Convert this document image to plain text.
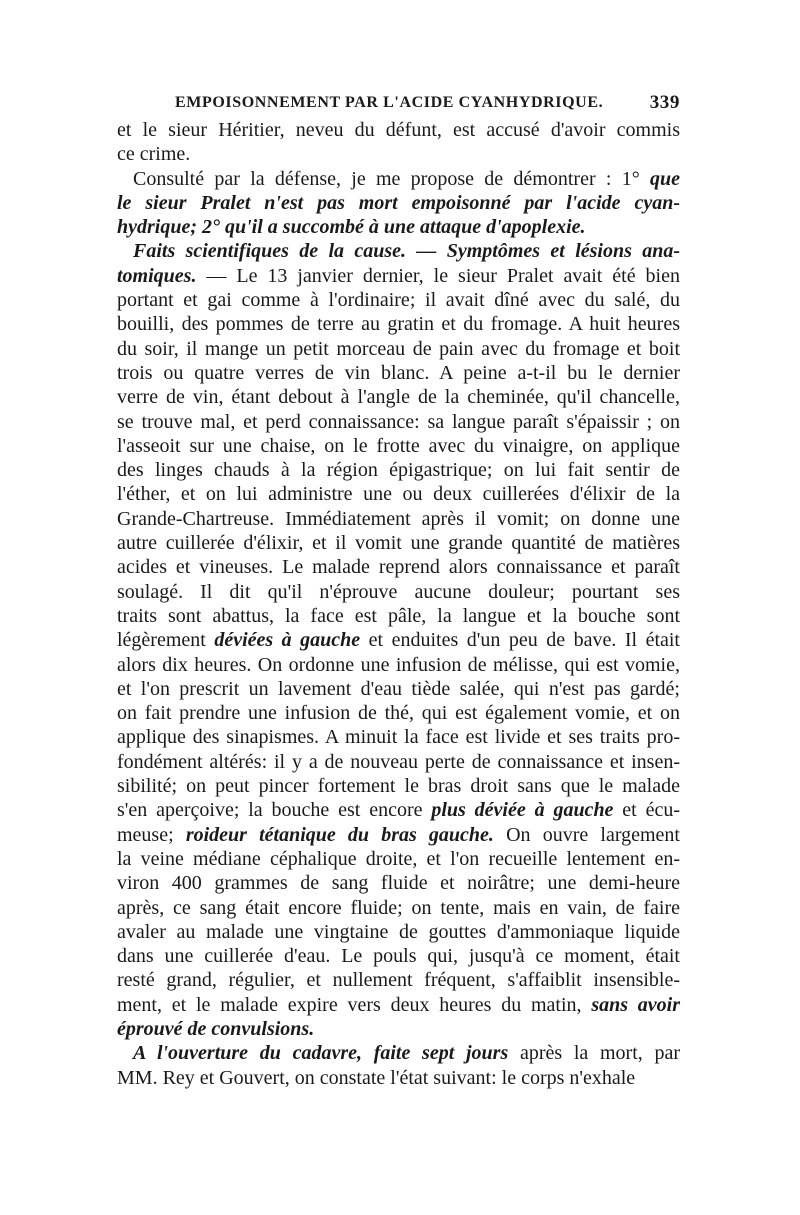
EMPOISONNEMENT PAR L'ACIDE CYANHYDRIQUE. 339
et le sieur Héritier, neveu du défunt, est accusé d'avoir commis
ce crime.
Consulté par la défense, je me propose de démontrer : 1° que
le sieur Pralet n'est pas mort empoisonné par l'acide cyan-
hydrique; 2° qu'il a succombé à une attaque d'apoplexie.
Faits scientifiques de la cause. — Symptômes et lésions ana-
tomiques. — Le 13 janvier dernier, le sieur Pralet avait été bien
portant et gai comme à l'ordinaire; il avait dîné avec du salé, du
bouilli, des pommes de terre au gratin et du fromage. A huit heures
du soir, il mange un petit morceau de pain avec du fromage et boit
trois ou quatre verres de vin blanc. A peine a-t-il bu le dernier
verre de vin, étant debout à l'angle de la cheminée, qu'il chancelle,
se trouve mal, et perd connaissance: sa langue paraît s'épaissir ; on
l'asseoit sur une chaise, on le frotte avec du vinaigre, on applique
des linges chauds à la région épigastrique; on lui fait sentir de
l'éther, et on lui administre une ou deux cuillerées d'élixir de la
Grande-Chartreuse. Immédiatement après il vomit; on donne une
autre cuillerée d'élixir, et il vomit une grande quantité de matières
acides et vineuses. Le malade reprend alors connaissance et paraît
soulagé. Il dit qu'il n'éprouve aucune douleur; pourtant ses
traits sont abattus, la face est pâle, la langue et la bouche sont
légèrement déviées à gauche et enduites d'un peu de bave. Il était
alors dix heures. On ordonne une infusion de mélisse, qui est vomie,
et l'on prescrit un lavement d'eau tiède salée, qui n'est pas gardé;
on fait prendre une infusion de thé, qui est également vomie, et on
applique des sinapismes. A minuit la face est livide et ses traits pro-
fondément altérés: il y a de nouveau perte de connaissance et insen-
sibilité; on peut pincer fortement le bras droit sans que le malade
s'en aperçoive; la bouche est encore plus déviée à gauche et écu-
meuse; roideur tétanique du bras gauche. On ouvre largement
la veine médiane céphalique droite, et l'on recueille lentement en-
viron 400 grammes de sang fluide et noirâtre; une demi-heure
après, ce sang était encore fluide; on tente, mais en vain, de faire
avaler au malade une vingtaine de gouttes d'ammoniaque liquide
dans une cuillerée d'eau. Le pouls qui, jusqu'à ce moment, était
resté grand, régulier, et nullement fréquent, s'affaiblit insensible-
ment, et le malade expire vers deux heures du matin, sans avoir
éprouvé de convulsions.
A l'ouverture du cadavre, faite sept jours après la mort, par
MM. Rey et Gouvert, on constate l'état suivant: le corps n'exhale
